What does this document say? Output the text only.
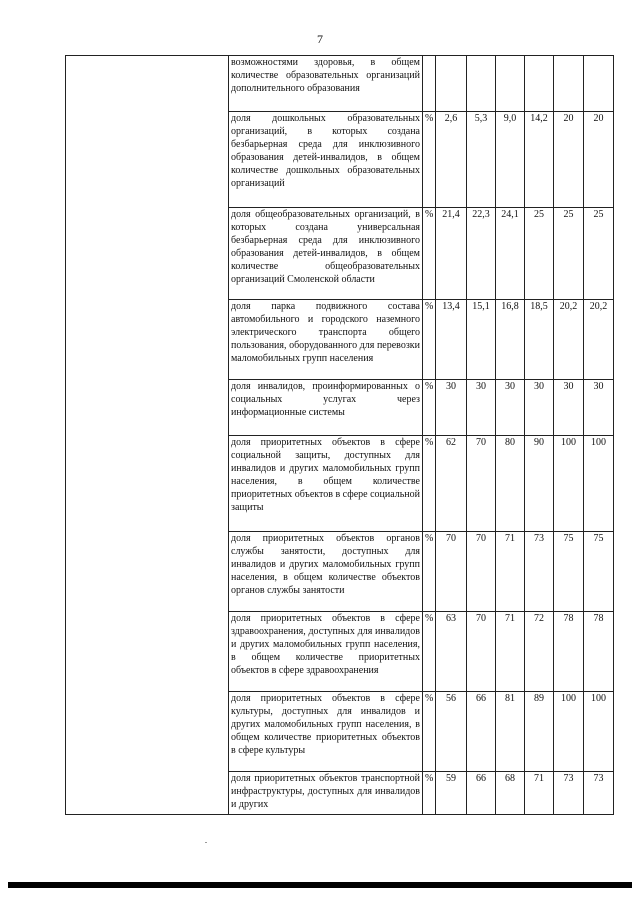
7
	возможностями здоровья, в общем количестве образовательных организаций дополнительного образования							
	доля дошкольных образовательных организаций, в которых создана безбарьерная среда для инклюзивного образования детей-инвалидов, в общем количестве дошкольных образовательных организаций	%	2,6	5,3	9,0	14,2	20	20
	доля общеобразовательных организаций, в которых создана универсальная безбарьерная среда для инклюзивного образования детей-инвалидов, в общем количестве общеобразовательных организаций Смоленской области	%	21,4	22,3	24,1	25	25	25
	доля парка подвижного состава автомобильного и городского наземного электрического транспорта общего пользования, оборудованного для перевозки маломобильных групп населения	%	13,4	15,1	16,8	18,5	20,2	20,2
	доля инвалидов, проинформированных о социальных услугах через информационные системы	%	30	30	30	30	30	30
	доля приоритетных объектов в сфере социальной защиты, доступных для инвалидов и других маломобильных групп населения, в общем количестве приоритетных объектов в сфере социальной защиты	%	62	70	80	90	100	100
	доля приоритетных объектов органов службы занятости, доступных для инвалидов и других маломобильных групп населения, в общем количестве объектов органов службы занятости	%	70	70	71	73	75	75
	доля приоритетных объектов в сфере здравоохранения, доступных для инвалидов и других маломобильных групп населения, в общем количестве приоритетных объектов в сфере здравоохранения	%	63	70	71	72	78	78
	доля приоритетных объектов в сфере культуры, доступных для инвалидов и других маломобильных групп населения, в общем количестве приоритетных объектов в сфере культуры	%	56	66	81	89	100	100
	доля приоритетных объектов транспортной инфраструктуры, доступных для инвалидов и других	%	59	66	68	71	73	73
